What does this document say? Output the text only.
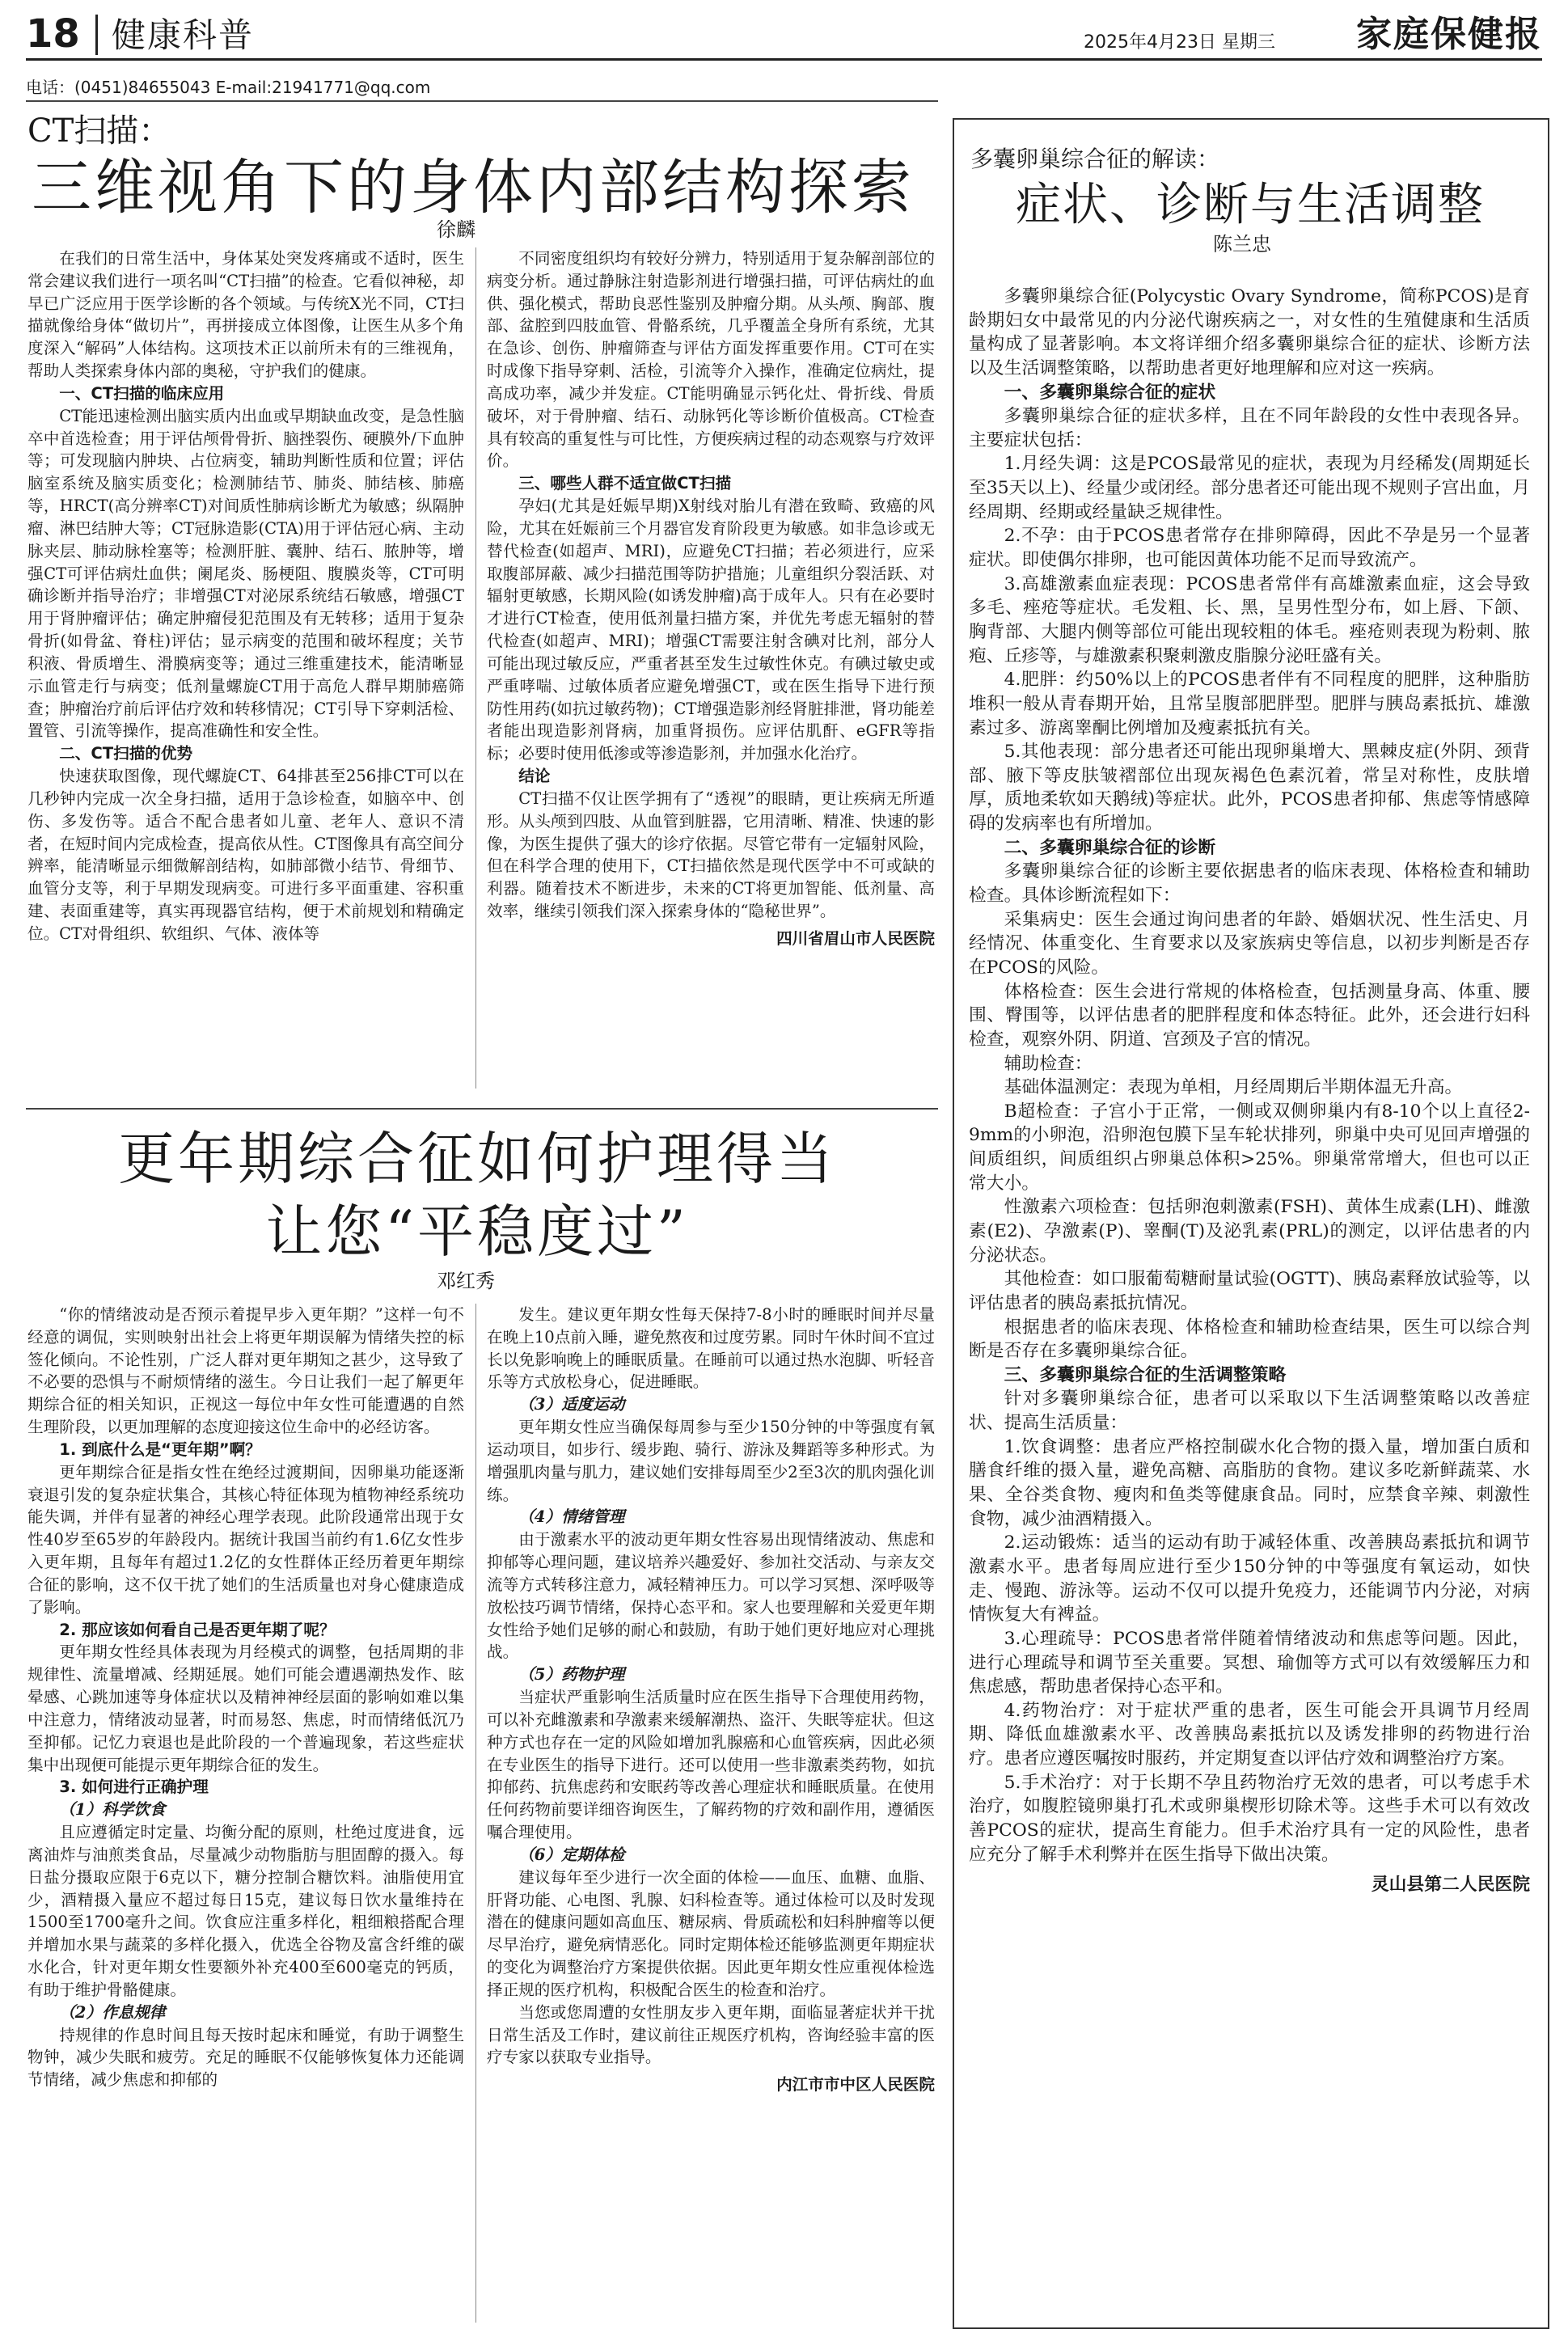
18 健康科普	2025年4月23日 星期三 家庭保健报
电话：(0451)84655043 E-mail:21941771@qq.com
CT扫描：
三维视角下的身体内部结构探索
徐麟

在我们的日常生活中，身体某处突发疼痛或不适时，医生常会建议我们进行一项名叫“CT扫描”的检查。它看似神秘，却早已广泛应用于医学诊断的各个领域。与传统X光不同，CT扫描就像给身体“做切片”，再拼接成立体图像，让医生从多个角度深入“解码”人体结构。这项技术正以前所未有的三维视角，帮助人类探索身体内部的奥秘，守护我们的健康。

一、CT扫描的临床应用

CT能迅速检测出脑实质内出血或早期缺血改变，是急性脑卒中首选检查；用于评估颅骨骨折、脑挫裂伤、硬膜外/下血肿等；可发现脑内肿块、占位病变，辅助判断性质和位置；评估脑室系统及脑实质变化；检测肺结节、肺炎、肺结核、肺癌等，HRCT(高分辨率CT)对间质性肺病诊断尤为敏感；纵隔肿瘤、淋巴结肿大等；CT冠脉造影(CTA)用于评估冠心病、主动脉夹层、肺动脉栓塞等；检测肝脏、囊肿、结石、脓肿等，增强CT可评估病灶血供；阑尾炎、肠梗阻、腹膜炎等，CT可明确诊断并指导治疗；非增强CT对泌尿系统结石敏感，增强CT用于肾肿瘤评估；确定肿瘤侵犯范围及有无转移；适用于复杂骨折(如骨盆、脊柱)评估；显示病变的范围和破坏程度；关节积液、骨质增生、滑膜病变等；通过三维重建技术，能清晰显示血管走行与病变；低剂量螺旋CT用于高危人群早期肺癌筛查；肿瘤治疗前后评估疗效和转移情况；CT引导下穿刺活检、置管、引流等操作，提高准确性和安全性。

二、CT扫描的优势

快速获取图像，现代螺旋CT、64排甚至256排CT可以在几秒钟内完成一次全身扫描，适用于急诊检查，如脑卒中、创伤、多发伤等。适合不配合患者如儿童、老年人、意识不清者，在短时间内完成检查，提高依从性。CT图像具有高空间分辨率，能清晰显示细微解剖结构，如肺部微小结节、骨细节、血管分支等，利于早期发现病变。可进行多平面重建、容积重建、表面重建等，真实再现器官结构，便于术前规划和精确定位。CT对骨组织、软组织、气体、液体等

不同密度组织均有较好分辨力，特别适用于复杂解剖部位的病变分析。通过静脉注射造影剂进行增强扫描，可评估病灶的血供、强化模式，帮助良恶性鉴别及肿瘤分期。从头颅、胸部、腹部、盆腔到四肢血管、骨骼系统，几乎覆盖全身所有系统，尤其在急诊、创伤、肿瘤筛查与评估方面发挥重要作用。CT可在实时成像下指导穿刺、活检，引流等介入操作，准确定位病灶，提高成功率，减少并发症。CT能明确显示钙化灶、骨折线、骨质破坏，对于骨肿瘤、结石、动脉钙化等诊断价值极高。CT检查具有较高的重复性与可比性，方便疾病过程的动态观察与疗效评价。

三、哪些人群不适宜做CT扫描

孕妇(尤其是妊娠早期)X射线对胎儿有潜在致畸、致癌的风险，尤其在妊娠前三个月器官发育阶段更为敏感。如非急诊或无替代检查(如超声、MRI)，应避免CT扫描；若必须进行，应采取腹部屏蔽、减少扫描范围等防护措施；儿童组织分裂活跃、对辐射更敏感，长期风险(如诱发肿瘤)高于成年人。只有在必要时才进行CT检查，使用低剂量扫描方案，并优先考虑无辐射的替代检查(如超声、MRI)；增强CT需要注射含碘对比剂，部分人可能出现过敏反应，严重者甚至发生过敏性休克。有碘过敏史或严重哮喘、过敏体质者应避免增强CT，或在医生指导下进行预防性用药(如抗过敏药物)；CT增强造影剂经肾脏排泄，肾功能差者能出现造影剂肾病，加重肾损伤。应评估肌酐、eGFR等指标；必要时使用低渗或等渗造影剂，并加强水化治疗。

结论

CT扫描不仅让医学拥有了“透视”的眼睛，更让疾病无所遁形。从头颅到四肢、从血管到脏器，它用清晰、精准、快速的影像，为医生提供了强大的诊疗依据。尽管它带有一定辐射风险，但在科学合理的使用下，CT扫描依然是现代医学中不可或缺的利器。随着技术不断进步，未来的CT将更加智能、低剂量、高效率，继续引领我们深入探索身体的“隐秘世界”。

四川省眉山市人民医院

更年期综合征如何护理得当
让您“平稳度过”
邓红秀

“你的情绪波动是否预示着提早步入更年期？”这样一句不经意的调侃，实则映射出社会上将更年期误解为情绪失控的标签化倾向。不论性别，广泛人群对更年期知之甚少，这导致了不必要的恐惧与不耐烦情绪的滋生。今日让我们一起了解更年期综合征的相关知识，正视这一每位中年女性可能遭遇的自然生理阶段，以更加理解的态度迎接这位生命中的必经访客。

1. 到底什么是“更年期”啊？

更年期综合征是指女性在绝经过渡期间，因卵巢功能逐渐衰退引发的复杂症状集合，其核心特征体现为植物神经系统功能失调，并伴有显著的神经心理学表现。此阶段通常出现于女性40岁至65岁的年龄段内。据统计我国当前约有1.6亿女性步入更年期，且每年有超过1.2亿的女性群体正经历着更年期综合征的影响，这不仅干扰了她们的生活质量也对身心健康造成了影响。

2. 那应该如何看自己是否更年期了呢？

更年期女性经具体表现为月经模式的调整，包括周期的非规律性、流量增减、经期延展。她们可能会遭遇潮热发作、眩晕感、心跳加速等身体症状以及精神神经层面的影响如难以集中注意力，情绪波动显著，时而易怒、焦虑，时而情绪低沉乃至抑郁。记忆力衰退也是此阶段的一个普遍现象，若这些症状集中出现便可能提示更年期综合征的发生。

3. 如何进行正确护理

（1）科学饮食

且应遵循定时定量、均衡分配的原则，杜绝过度进食，远离油炸与油煎类食品，尽量减少动物脂肪与胆固醇的摄入。每日盐分摄取应限于6克以下，糖分控制合糖饮料。油脂使用宜少，酒精摄入量应不超过每日15克，建议每日饮水量维持在1500至1700毫升之间。饮食应注重多样化，粗细粮搭配合理并增加水果与蔬菜的多样化摄入，优选全谷物及富含纤维的碳水化合，针对更年期女性要额外补充400至600毫克的钙质，有助于维护骨骼健康。

（2）作息规律

持规律的作息时间且每天按时起床和睡觉，有助于调整生物钟，减少失眠和疲劳。充足的睡眠不仅能够恢复体力还能调节情绪，减少焦虑和抑郁的

发生。建议更年期女性每天保持7-8小时的睡眠时间并尽量在晚上10点前入睡，避免熬夜和过度劳累。同时午休时间不宜过长以免影响晚上的睡眠质量。在睡前可以通过热水泡脚、听轻音乐等方式放松身心，促进睡眠。

（3）适度运动

更年期女性应当确保每周参与至少150分钟的中等强度有氧运动项目，如步行、缓步跑、骑行、游泳及舞蹈等多种形式。为增强肌肉量与肌力，建议她们安排每周至少2至3次的肌肉强化训练。

（4）情绪管理

由于激素水平的波动更年期女性容易出现情绪波动、焦虑和抑郁等心理问题，建议培养兴趣爱好、参加社交活动、与亲友交流等方式转移注意力，减轻精神压力。可以学习冥想、深呼吸等放松技巧调节情绪，保持心态平和。家人也要理解和关爱更年期女性给予她们足够的耐心和鼓励，有助于她们更好地应对心理挑战。

（5）药物护理

当症状严重影响生活质量时应在医生指导下合理使用药物，可以补充雌激素和孕激素来缓解潮热、盗汗、失眠等症状。但这种方式也存在一定的风险如增加乳腺癌和心血管疾病，因此必须在专业医生的指导下进行。还可以使用一些非激素类药物，如抗抑郁药、抗焦虑药和安眠药等改善心理症状和睡眠质量。在使用任何药物前要详细咨询医生，了解药物的疗效和副作用，遵循医嘱合理使用。

（6）定期体检

建议每年至少进行一次全面的体检——血压、血糖、血脂、肝肾功能、心电图、乳腺、妇科检查等。通过体检可以及时发现潜在的健康问题如高血压、糖尿病、骨质疏松和妇科肿瘤等以便尽早治疗，避免病情恶化。同时定期体检还能够监测更年期症状的变化为调整治疗方案提供依据。因此更年期女性应重视体检选择正规的医疗机构，积极配合医生的检查和治疗。

当您或您周遭的女性朋友步入更年期，面临显著症状并干扰日常生活及工作时，建议前往正规医疗机构，咨询经验丰富的医疗专家以获取专业指导。

内江市市中区人民医院

多囊卵巢综合征的解读：
症状、诊断与生活调整
陈兰忠

多囊卵巢综合征(Polycystic Ovary Syndrome，简称PCOS)是育龄期妇女中最常见的内分泌代谢疾病之一，对女性的生殖健康和生活质量构成了显著影响。本文将详细介绍多囊卵巢综合征的症状、诊断方法以及生活调整策略，以帮助患者更好地理解和应对这一疾病。

一、多囊卵巢综合征的症状

多囊卵巢综合征的症状多样，且在不同年龄段的女性中表现各异。主要症状包括：

1.月经失调：这是PCOS最常见的症状，表现为月经稀发(周期延长至35天以上)、经量少或闭经。部分患者还可能出现不规则子宫出血，月经周期、经期或经量缺乏规律性。

2.不孕：由于PCOS患者常存在排卵障碍，因此不孕是另一个显著症状。即使偶尔排卵，也可能因黄体功能不足而导致流产。

3.高雄激素血症表现：PCOS患者常伴有高雄激素血症，这会导致多毛、痤疮等症状。毛发粗、长、黑，呈男性型分布，如上唇、下颌、胸背部、大腿内侧等部位可能出现较粗的体毛。痤疮则表现为粉刺、脓疱、丘疹等，与雄激素积聚刺激皮脂腺分泌旺盛有关。

4.肥胖：约50%以上的PCOS患者伴有不同程度的肥胖，这种脂肪堆积一般从青春期开始，且常呈腹部肥胖型。肥胖与胰岛素抵抗、雄激素过多、游离睾酮比例增加及瘦素抵抗有关。

5.其他表现：部分患者还可能出现卵巢增大、黑棘皮症(外阴、颈背部、腋下等皮肤皱褶部位出现灰褐色色素沉着，常呈对称性，皮肤增厚，质地柔软如天鹅绒)等症状。此外，PCOS患者抑郁、焦虑等情感障碍的发病率也有所增加。

二、多囊卵巢综合征的诊断

多囊卵巢综合征的诊断主要依据患者的临床表现、体格检查和辅助检查。具体诊断流程如下：

采集病史：医生会通过询问患者的年龄、婚姻状况、性生活史、月经情况、体重变化、生育要求以及家族病史等信息，以初步判断是否存在PCOS的风险。

体格检查：医生会进行常规的体格检查，包括测量身高、体重、腰围、臀围等，以评估患者的肥胖程度和体态特征。此外，还会进行妇科检查，观察外阴、阴道、宫颈及子宫的情况。

辅助检查：

基础体温测定：表现为单相，月经周期后半期体温无升高。

B超检查：子宫小于正常，一侧或双侧卵巢内有8-10个以上直径2-9mm的小卵泡，沿卵泡包膜下呈车轮状排列，卵巢中央可见回声增强的间质组织，间质组织占卵巢总体积>25%。卵巢常常增大，但也可以正常大小。

性激素六项检查：包括卵泡刺激素(FSH)、黄体生成素(LH)、雌激素(E2)、孕激素(P)、睾酮(T)及泌乳素(PRL)的测定，以评估患者的内分泌状态。

其他检查：如口服葡萄糖耐量试验(OGTT)、胰岛素释放试验等，以评估患者的胰岛素抵抗情况。

根据患者的临床表现、体格检查和辅助检查结果，医生可以综合判断是否存在多囊卵巢综合征。

三、多囊卵巢综合征的生活调整策略

针对多囊卵巢综合征，患者可以采取以下生活调整策略以改善症状、提高生活质量：

1.饮食调整：患者应严格控制碳水化合物的摄入量，增加蛋白质和膳食纤维的摄入量，避免高糖、高脂肪的食物。建议多吃新鲜蔬菜、水果、全谷类食物、瘦肉和鱼类等健康食品。同时，应禁食辛辣、刺激性食物，减少油酒精摄入。

2.运动锻炼：适当的运动有助于减轻体重、改善胰岛素抵抗和调节激素水平。患者每周应进行至少150分钟的中等强度有氧运动，如快走、慢跑、游泳等。运动不仅可以提升免疫力，还能调节内分泌，对病情恢复大有裨益。

3.心理疏导：PCOS患者常伴随着情绪波动和焦虑等问题。因此，进行心理疏导和调节至关重要。冥想、瑜伽等方式可以有效缓解压力和焦虑感，帮助患者保持心态平和。

4.药物治疗：对于症状严重的患者，医生可能会开具调节月经周期、降低血雄激素水平、改善胰岛素抵抗以及诱发排卵的药物进行治疗。患者应遵医嘱按时服药，并定期复查以评估疗效和调整治疗方案。

5.手术治疗：对于长期不孕且药物治疗无效的患者，可以考虑手术治疗，如腹腔镜卵巢打孔术或卵巢楔形切除术等。这些手术可以有效改善PCOS的症状，提高生育能力。但手术治疗具有一定的风险性，患者应充分了解手术利弊并在医生指导下做出决策。

灵山县第二人民医院
